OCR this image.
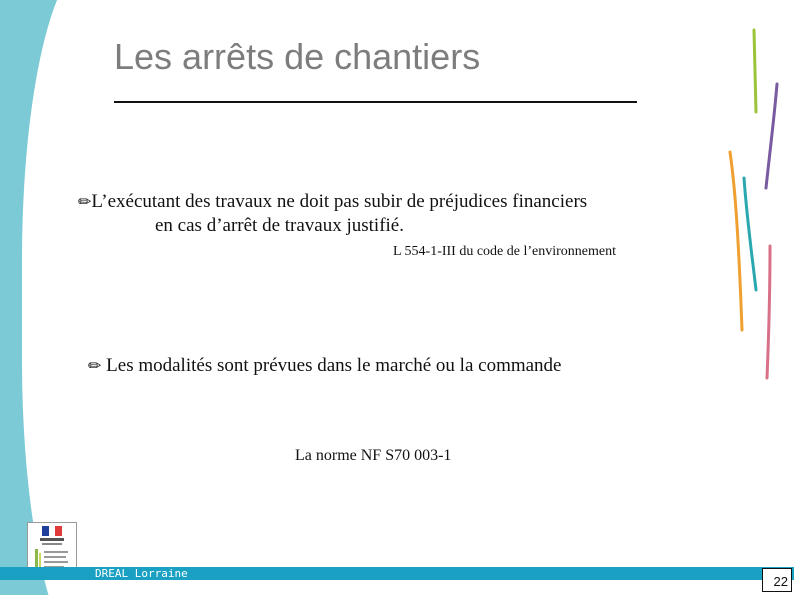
Les arrêts de chantiers
✏L’exécutant des travaux ne doit pas subir de préjudices financiers
en cas d’arrêt de travaux justifié.
L 554-1-III du code de l’environnement
✏ Les modalités sont prévues dans le marché ou la commande
La norme NF S70 003-1
DREAL Lorraine
22
